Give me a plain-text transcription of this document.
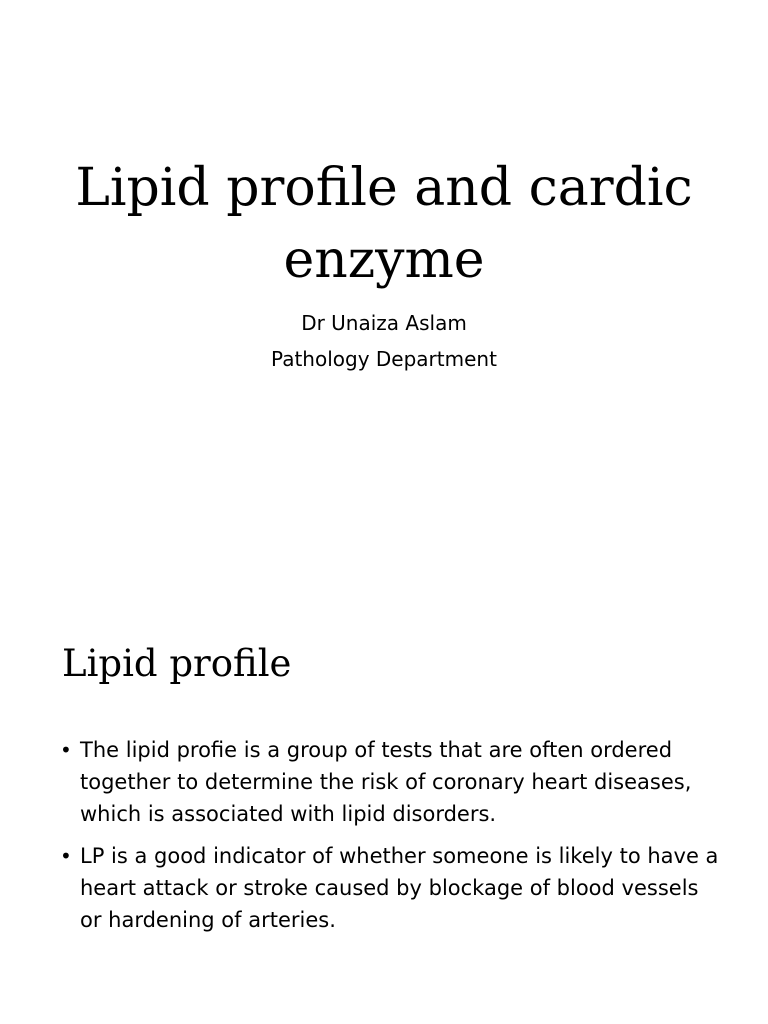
Lipid profile and cardic enzyme

Dr Unaiza Aslam

Pathology Department

Lipid profile
• The lipid profie is a group of tests that are often ordered together to determine the risk of coronary heart diseases, which is associated with lipid disorders.
• LP is a good indicator of whether someone is likely to have a heart attack or stroke caused by blockage of blood vessels or hardening of arteries.
